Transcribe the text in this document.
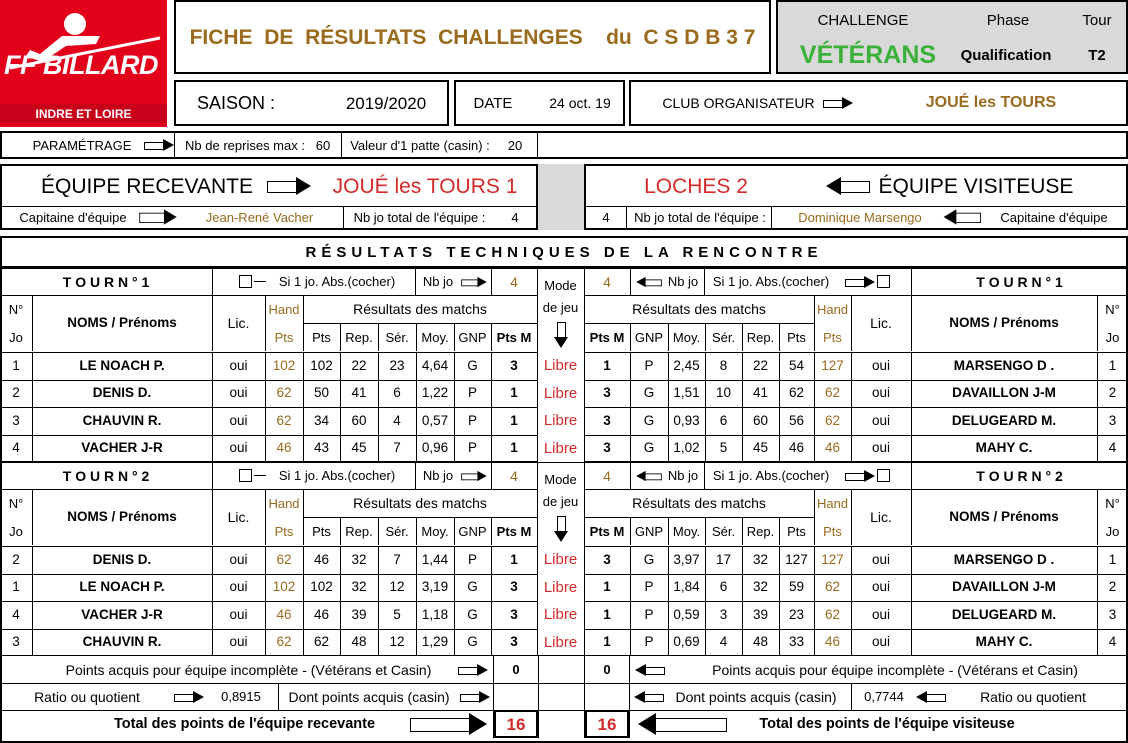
FF BILLARD
INDRE ET LOIRE
FICHE  DE  RÉSULTATS  CHALLENGES    du  C S D B 3 7
CHALLENGE	Phase	Tour
VÉTÉRANS	Qualification	T2
SAISON :	2019/2020	DATE	24 oct. 19	CLUB ORGANISATEUR	JOUÉ les TOURS
PARAMÉTRAGE	Nb de reprises max : 60	Valeur d'1 patte (casin) :	20
ÉQUIPE RECEVANTE	JOUÉ les TOURS 1
Capitaine d'équipe	Jean-René Vacher	Nb jo total de l'équipe :	4
LOCHES 2	ÉQUIPE VISITEUSE
4	Nb jo total de l'équipe :	Dominique Marsengo	Capitaine d'équipe
RÉSULTATS TECHNIQUES DE LA RENCONTRE
T O U R N ° 1	Si 1 jo. Abs.(cocher)	Nb jo	4	Mode
de jeu
4	Nb jo	Si 1 jo. Abs.(cocher)	T O U R N ° 1
N°
Jo
NOMS / Prénoms	Lic.
Hand
Pts
Résultats des matchs
Pts	Rep. Sér. Moy. GNP Pts M
Résultats des matchs
Pts M GNP Moy. Sér. Rep. Pts
Hand
Pts
Lic.	NOMS / Prénoms
N°
Jo
1	LE NOACH P.	oui	102	102	22	23	4,64	G	3	Libre	1	P	2,45	8	22	54	127	oui	MARSENGO D .	1
2	DENIS D.	oui	62	50	41	6	1,22	P	1	Libre	3	G	1,51	10	41	62	62	oui	DAVAILLON J-M	2
3	CHAUVIN R.	oui	62	34	60	4	0,57	P	1	Libre	3	G	0,93	6	60	56	62	oui	DELUGEARD M.	3
4	VACHER J-R	oui	46	43	45	7	0,96	P	1	Libre	3	G	1,02	5	45	46	46	oui	MAHY C.	4
T O U R N ° 2	Si 1 jo. Abs.(cocher)	Nb jo	4	Mode
de jeu
4	Nb jo	Si 1 jo. Abs.(cocher)	T O U R N ° 2
N°
Jo
NOMS / Prénoms	Lic.
Hand
Pts
Résultats des matchs
Pts	Rep. Sér. Moy. GNP Pts M
Résultats des matchs
Pts M GNP Moy. Sér. Rep. Pts
Hand
Pts
Lic.	NOMS / Prénoms
N°
Jo
2	DENIS D.	oui	62	46	32	7	1,44	P	1	Libre	3	G	3,97	17	32	127 127	oui	MARSENGO D .	1
1	LE NOACH P.	oui	102	102	32	12	3,19	G	3	Libre	1	P	1,84	6	32	59	62	oui	DAVAILLON J-M	2
4	VACHER J-R	oui	46	46	39	5	1,18	G	3	Libre	1	P	0,59	3	39	23	62	oui	DELUGEARD M.	3
3	CHAUVIN R.	oui	62	62	48	12	1,29	G	3	Libre	1	P	0,69	4	48	33	46	oui	MAHY C.	4
Points acquis pour équipe incomplète - (Vétérans et Casin)	0	0	Points acquis pour équipe incomplète - (Vétérans et Casin)
Ratio ou quotient	0,8915	Dont points acquis (casin)	Dont points acquis (casin)	0,7744	Ratio ou quotient
Total des points de l'équipe recevante	16	16	Total des points de l'équipe visiteuse
